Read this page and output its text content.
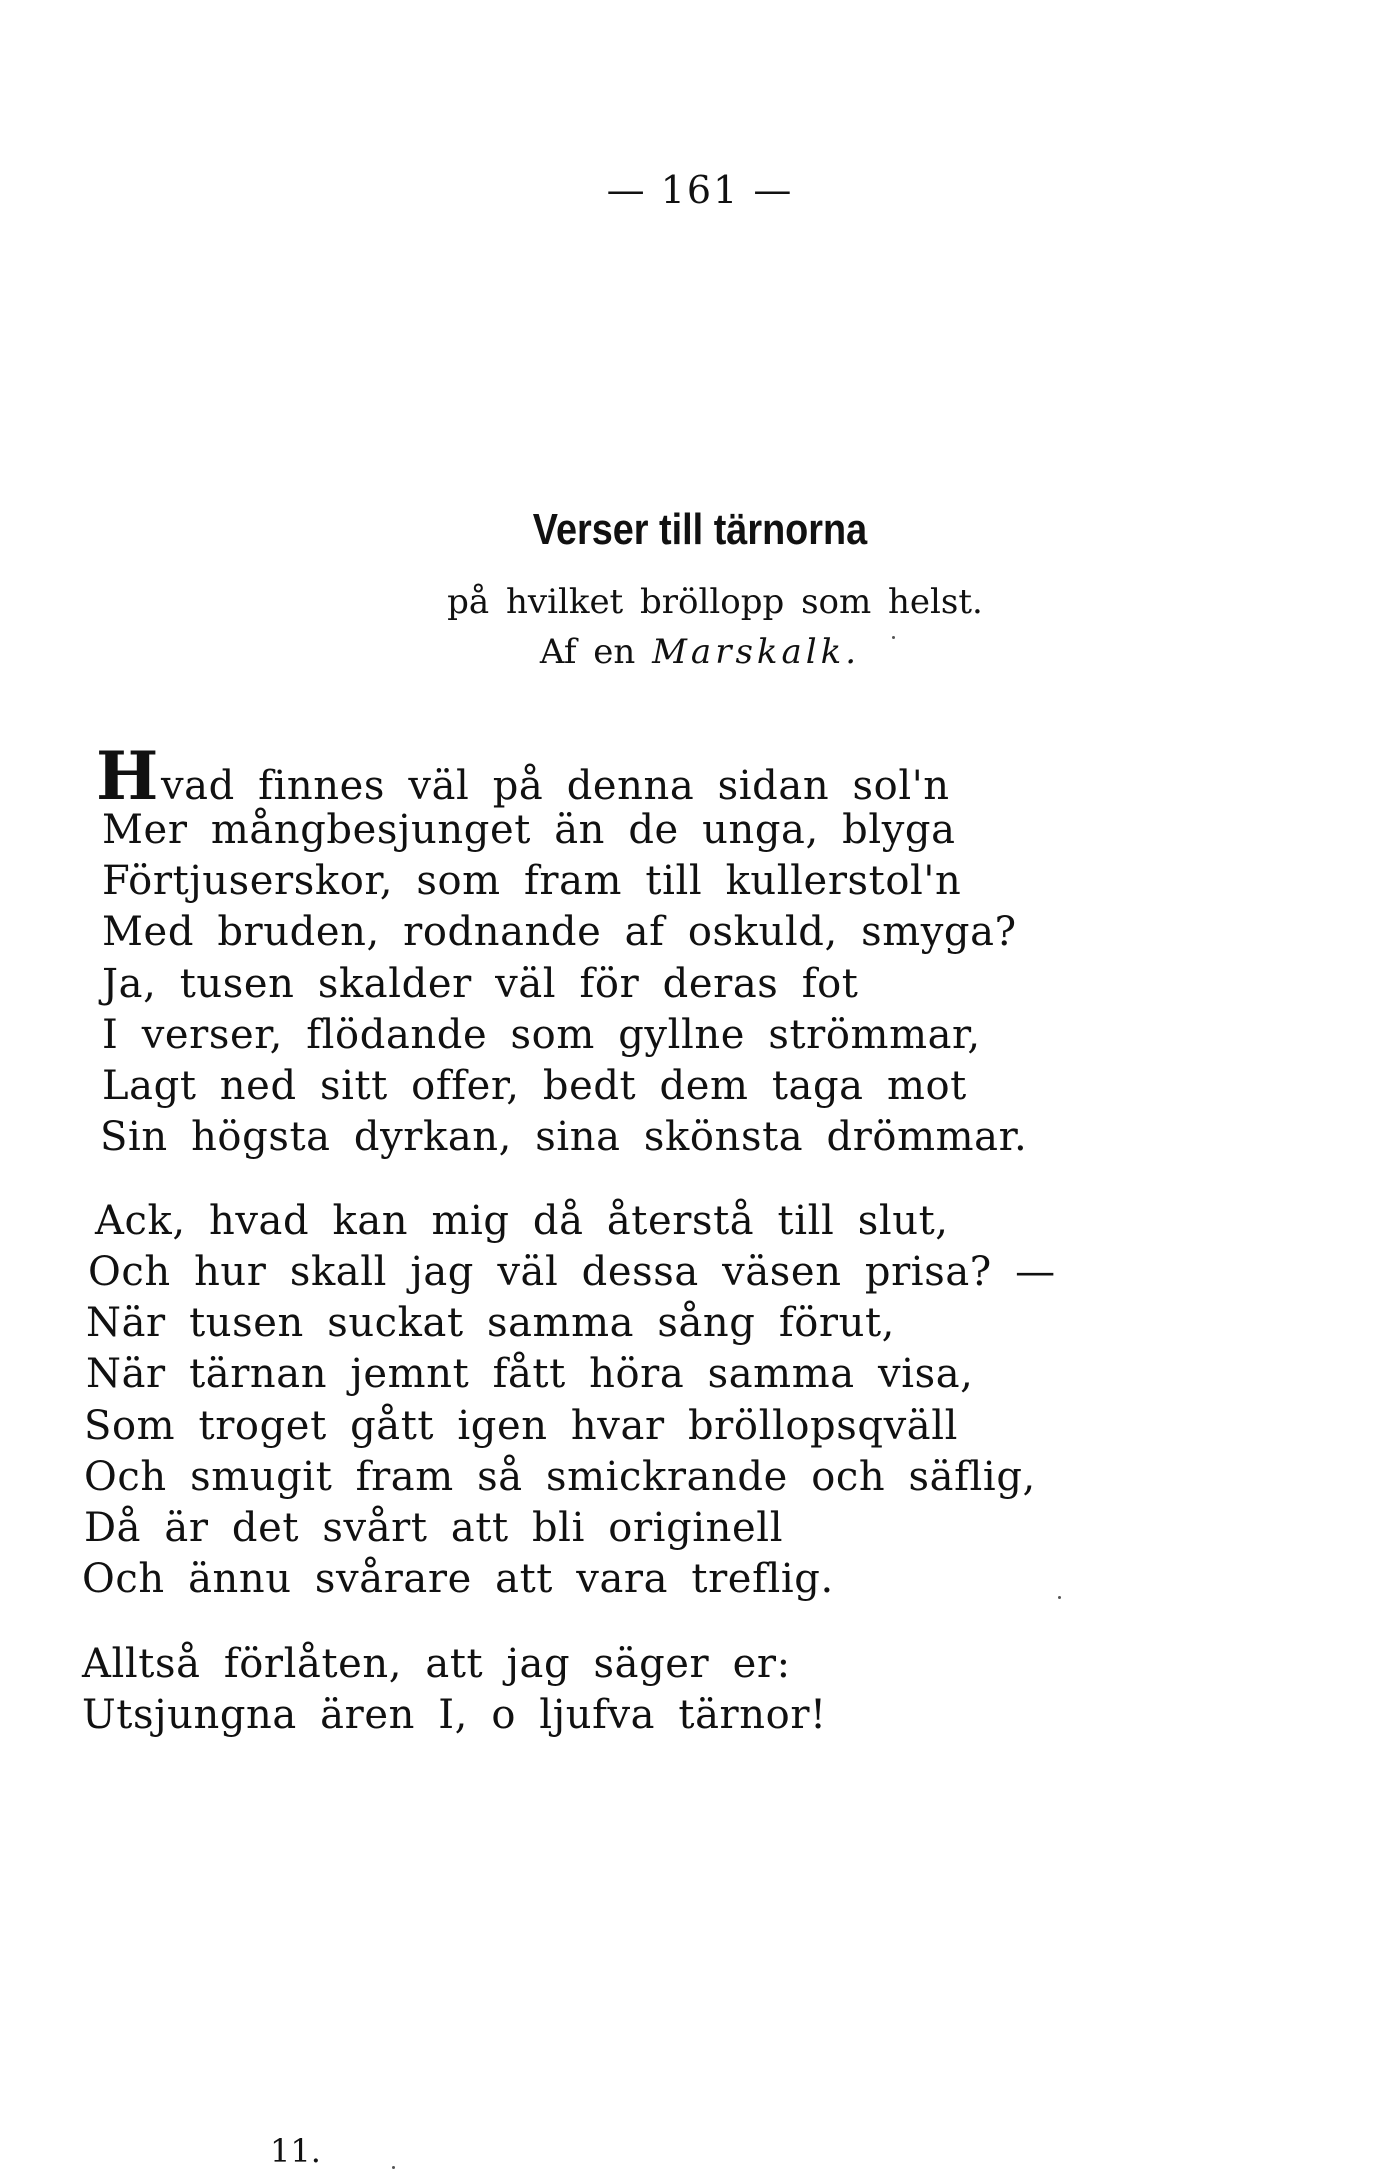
— 161 —
Verser till tärnorna
på hvilket bröllopp som helst.
Af en Marskalk.
Hvad finnes väl på denna sidan sol'n
Mer mångbesjunget än de unga, blyga
Förtjuserskor, som fram till kullerstol'n
Med bruden, rodnande af oskuld, smyga?
Ja, tusen skalder väl för deras fot
I verser, flödande som gyllne strömmar,
Lagt ned sitt offer, bedt dem taga mot
Sin högsta dyrkan, sina skönsta drömmar.
Ack, hvad kan mig då återstå till slut,
Och hur skall jag väl dessa väsen prisa? —
När tusen suckat samma sång förut,
När tärnan jemnt fått höra samma visa,
Som troget gått igen hvar bröllopsqväll
Och smugit fram så smickrande och säflig,
Då är det svårt att bli originell
Och ännu svårare att vara treflig.
Alltså förlåten, att jag säger er:
Utsjungna ären I, o ljufva tärnor!
11.
